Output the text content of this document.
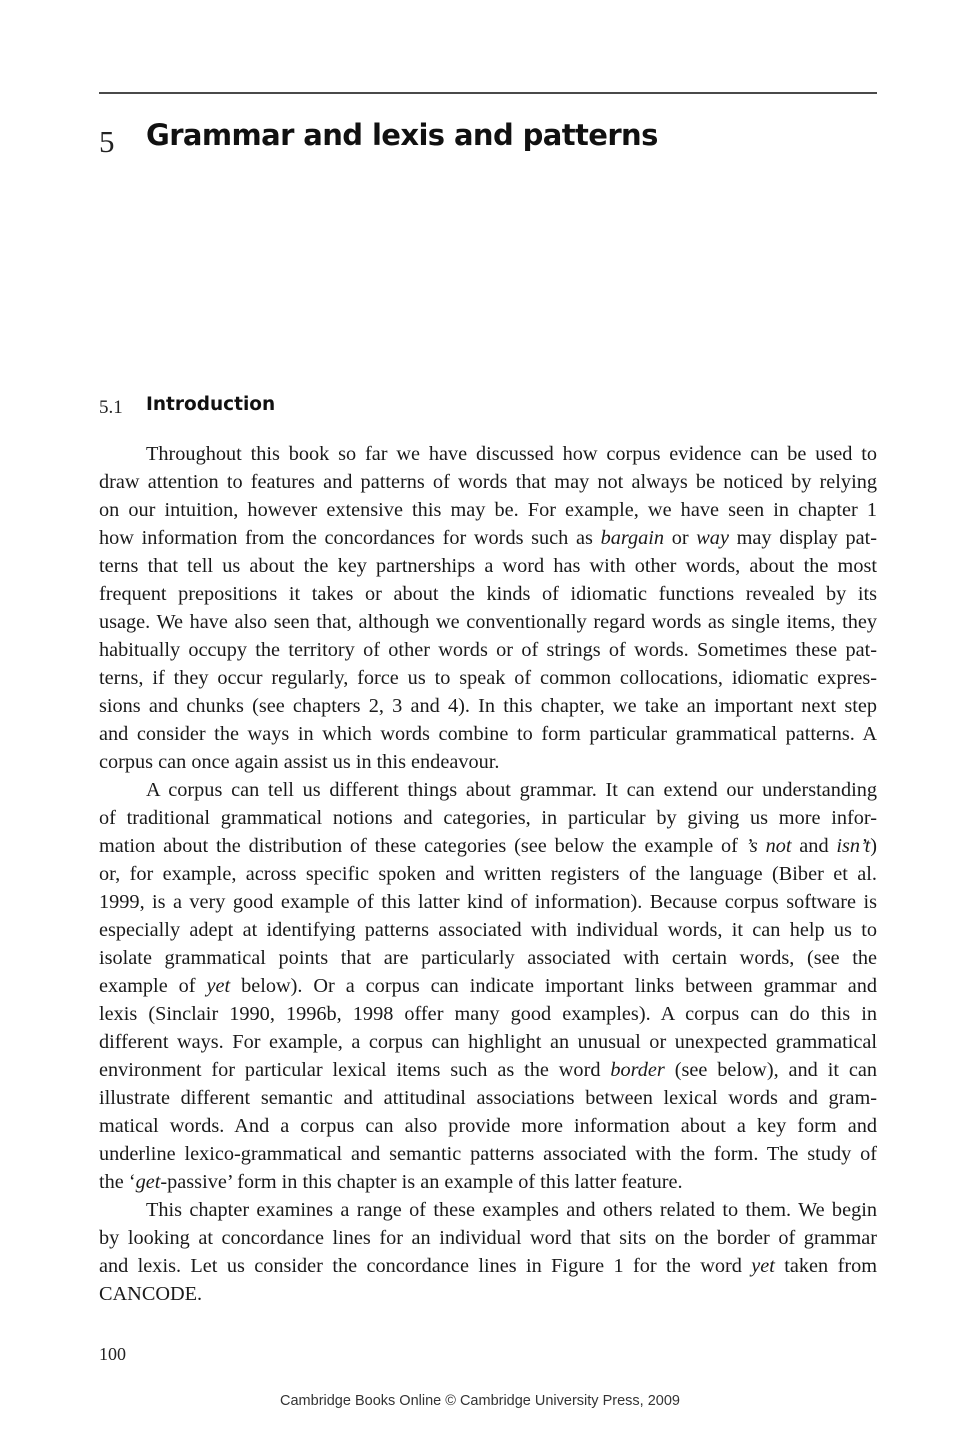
5 Grammar and lexis and patterns
5.1 Introduction
Throughout this book so far we have discussed how corpus evidence can be used to
draw attention to features and patterns of words that may not always be noticed by relying
on our intuition, however extensive this may be. For example, we have seen in chapter 1
how information from the concordances for words such as bargain or way may display pat-
terns that tell us about the key partnerships a word has with other words, about the most
frequent prepositions it takes or about the kinds of idiomatic functions revealed by its
usage. We have also seen that, although we conventionally regard words as single items, they
habitually occupy the territory of other words or of strings of words. Sometimes these pat-
terns, if they occur regularly, force us to speak of common collocations, idiomatic expres-
sions and chunks (see chapters 2, 3 and 4). In this chapter, we take an important next step
and consider the ways in which words combine to form particular grammatical patterns. A
corpus can once again assist us in this endeavour.
A corpus can tell us different things about grammar. It can extend our understanding
of traditional grammatical notions and categories, in particular by giving us more infor-
mation about the distribution of these categories (see below the example of ’s not and isn’t)
or, for example, across specific spoken and written registers of the language (Biber et al.
1999, is a very good example of this latter kind of information). Because corpus software is
especially adept at identifying patterns associated with individual words, it can help us to
isolate grammatical points that are particularly associated with certain words, (see the
example of yet below). Or a corpus can indicate important links between grammar and
lexis (Sinclair 1990, 1996b, 1998 offer many good examples). A corpus can do this in
different ways. For example, a corpus can highlight an unusual or unexpected grammatical
environment for particular lexical items such as the word border (see below), and it can
illustrate different semantic and attitudinal associations between lexical words and gram-
matical words. And a corpus can also provide more information about a key form and
underline lexico-grammatical and semantic patterns associated with the form. The study of
the ‘get-passive’ form in this chapter is an example of this latter feature.
This chapter examines a range of these examples and others related to them. We begin
by looking at concordance lines for an individual word that sits on the border of grammar
and lexis. Let us consider the concordance lines in Figure 1 for the word yet taken from
CANCODE.
100
Cambridge Books Online © Cambridge University Press, 2009
